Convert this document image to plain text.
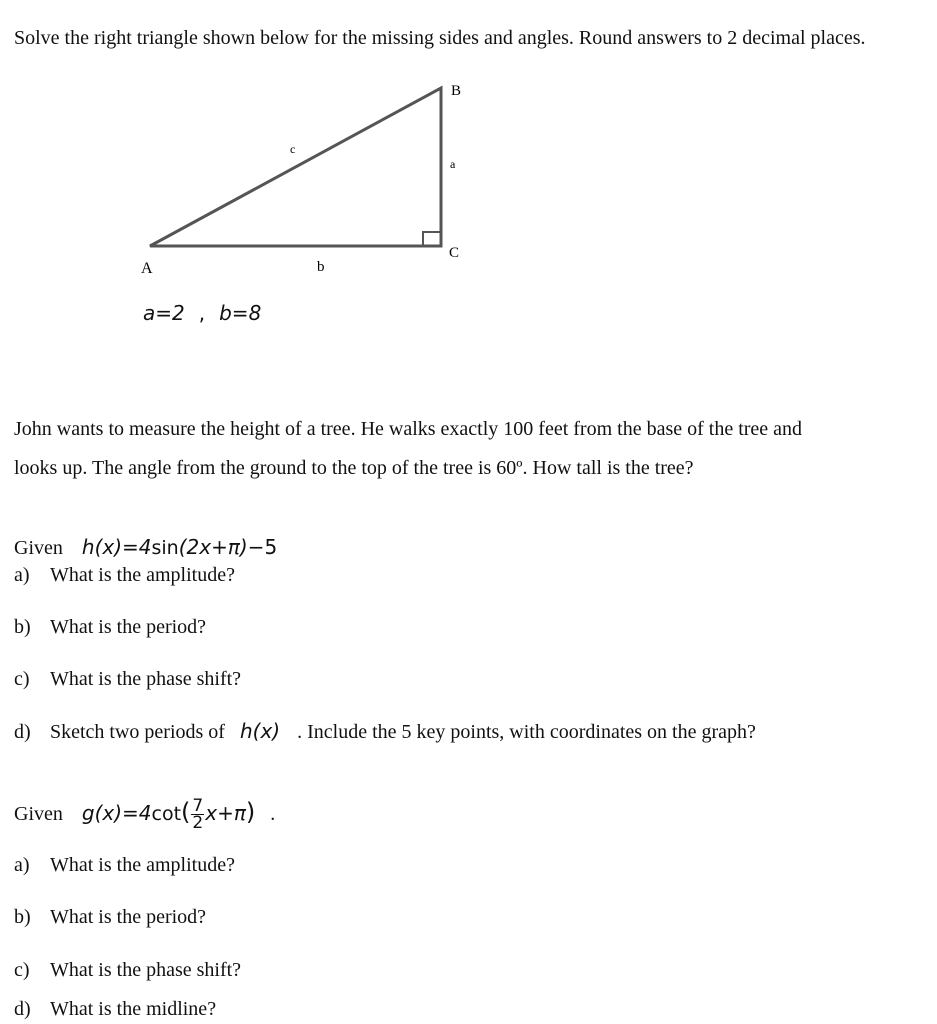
Solve the right triangle shown below for the missing sides and angles. Round answers to 2 decimal places.
A
B
C
a
b
c
a=2 , b=8
John wants to measure the height of a tree. He walks exactly 100 feet from the base of the tree and
looks up. The angle from the ground to the top of the tree is 60º. How tall is the tree?
Given h(x)=4sin(2x+π)−5
a) What is the amplitude?
b) What is the period?
c) What is the phase shift?
d) Sketch two periods of h(x) . Include the 5 key points, with coordinates on the graph?
Given $g(x)=4\cot( \frac{7}{2} x+\pi)$ .
a) What is the amplitude?
b) What is the period?
c) What is the phase shift?
d) What is the midline?
